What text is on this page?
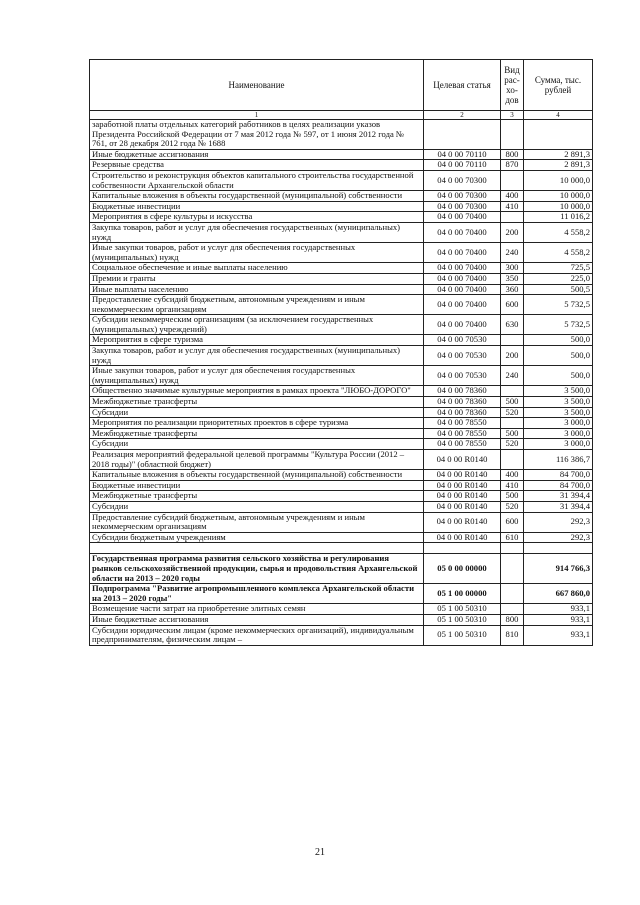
Наименование	Целевая статья	Вид рас- хо- дов	Сумма, тыс. рублей
1	2	3	4
заработной платы отдельных категорий работников в целях реализации указов Президента Российской Федерации от 7 мая 2012 года № 597, от 1 июня 2012 года № 761, от 28 декабря 2012 года № 1688			
Иные бюджетные ассигнования	04 0 00 70110	800	2 891,3
Резервные средства	04 0 00 70110	870	2 891,3
Строительство и реконструкция объектов капитального строительства государственной собственности Архангельской области	04 0 00 70300		10 000,0
Капитальные вложения в объекты государственной (муниципальной) собственности	04 0 00 70300	400	10 000,0
Бюджетные инвестиции	04 0 00 70300	410	10 000,0
Мероприятия в сфере культуры и искусства	04 0 00 70400		11 016,2
Закупка товаров, работ и услуг для обеспечения государственных (муниципальных) нужд	04 0 00 70400	200	4 558,2
Иные закупки товаров, работ и услуг для обеспечения государственных (муниципальных) нужд	04 0 00 70400	240	4 558,2
Социальное обеспечение и иные выплаты населению	04 0 00 70400	300	725,5
Премии и гранты	04 0 00 70400	350	225,0
Иные выплаты населению	04 0 00 70400	360	500,5
Предоставление субсидий бюджетным, автономным учреждениям и иным некоммерческим организациям	04 0 00 70400	600	5 732,5
Субсидии некоммерческим организациям (за исключением государственных (муниципальных) учреждений)	04 0 00 70400	630	5 732,5
Мероприятия в сфере туризма	04 0 00 70530		500,0
Закупка товаров, работ и услуг для обеспечения государственных (муниципальных) нужд	04 0 00 70530	200	500,0
Иные закупки товаров, работ и услуг для обеспечения государственных (муниципальных) нужд	04 0 00 70530	240	500,0
Общественно значимые культурные мероприятия в рамках проекта "ЛЮБО-ДОРОГО"	04 0 00 78360		3 500,0
Межбюджетные трансферты	04 0 00 78360	500	3 500,0
Субсидии	04 0 00 78360	520	3 500,0
Мероприятия по реализации приоритетных проектов в сфере туризма	04 0 00 78550		3 000,0
Межбюджетные трансферты	04 0 00 78550	500	3 000,0
Субсидии	04 0 00 78550	520	3 000,0
Реализация мероприятий федеральной целевой программы "Культура России (2012 – 2018 годы)" (областной бюджет)	04 0 00 R0140		116 386,7
Капитальные вложения в объекты государственной (муниципальной) собственности	04 0 00 R0140	400	84 700,0
Бюджетные инвестиции	04 0 00 R0140	410	84 700,0
Межбюджетные трансферты	04 0 00 R0140	500	31 394,4
Субсидии	04 0 00 R0140	520	31 394,4
Предоставление субсидий бюджетным, автономным учреждениям и иным некоммерческим организациям	04 0 00 R0140	600	292,3
Субсидии бюджетным учреждениям	04 0 00 R0140	610	292,3

Государственная программа развития сельского хозяйства и регулирования рынков сельскохозяйственной продукции, сырья и продовольствия Архангельской области на 2013 – 2020 годы	05 0 00 00000		914 766,3
Подпрограмма "Развитие агропромышленного комплекса Архангельской области на 2013 – 2020 годы"	05 1 00 00000		667 860,0
Возмещение части затрат на приобретение элитных семян	05 1 00 50310		933,1
Иные бюджетные ассигнования	05 1 00 50310	800	933,1
Субсидии юридическим лицам (кроме некоммерческих организаций), индивидуальным предпринимателям, физическим лицам –	05 1 00 50310	810	933,1
21
